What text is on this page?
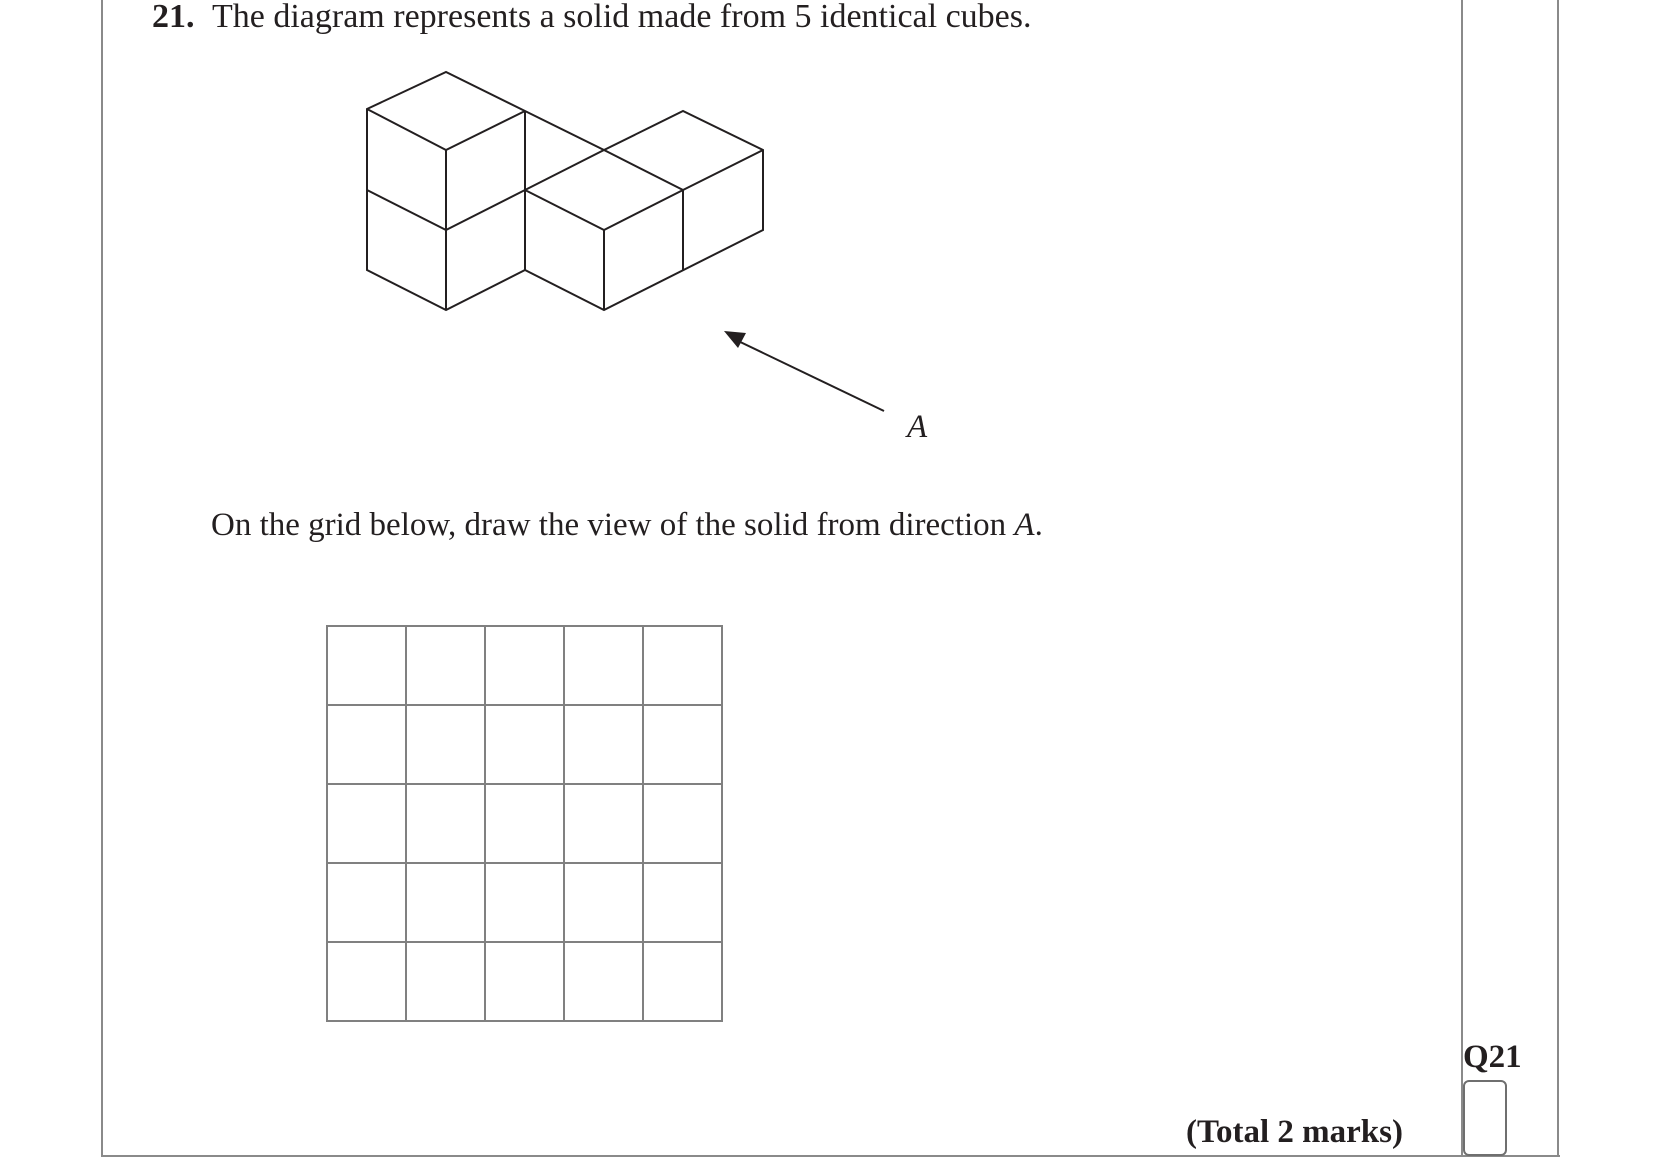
21. The diagram represents a solid made from 5 identical cubes.
A
On the grid below, draw the view of the solid from direction A.
(Total 2 marks)
Q21
